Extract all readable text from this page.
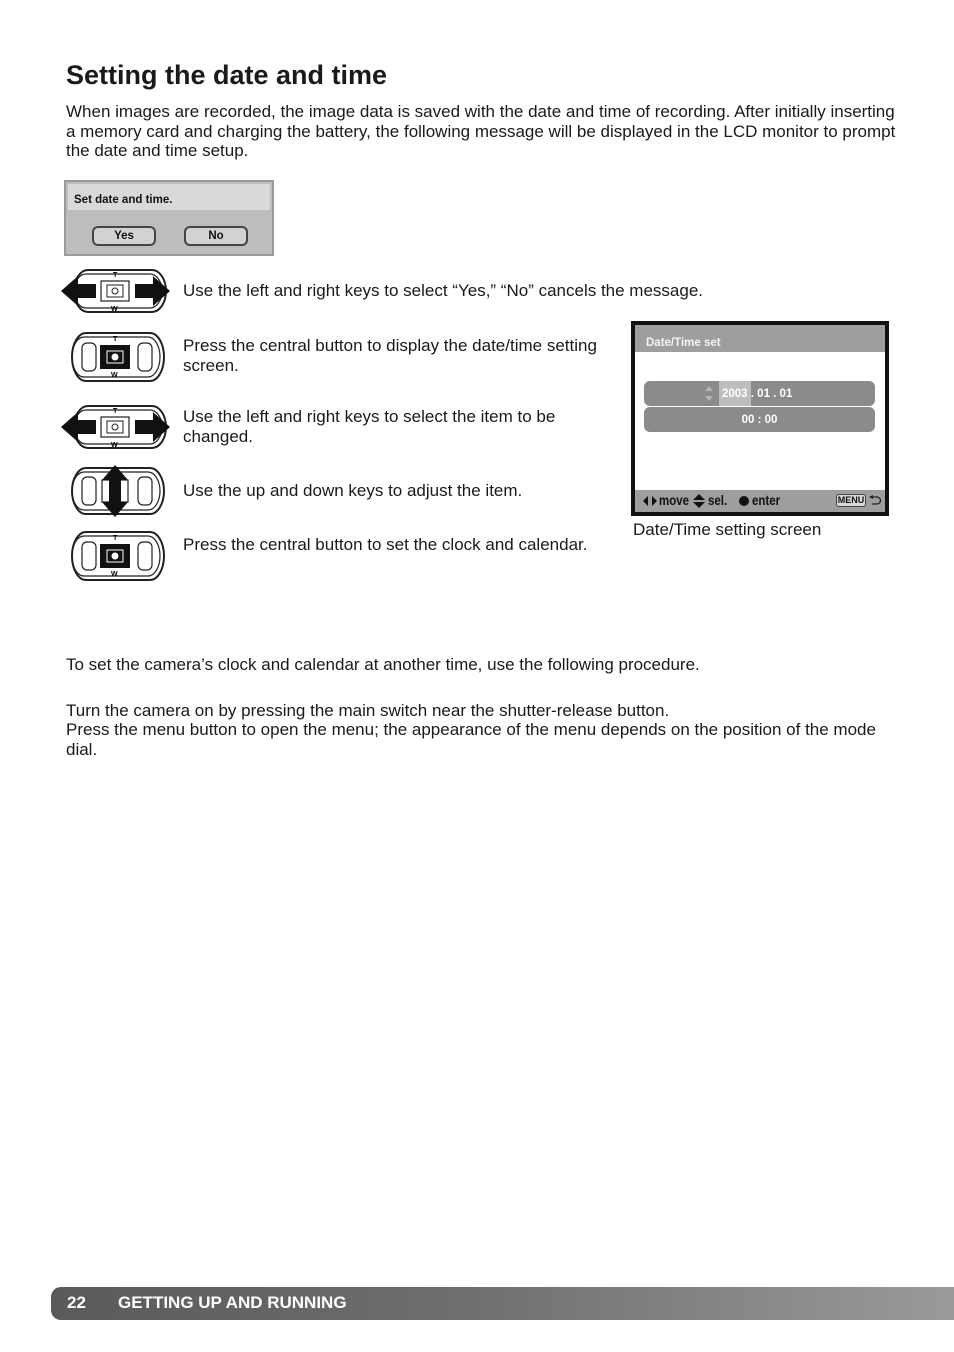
Setting the date and time

When images are recorded, the image data is saved with the date and time of recording. After initially inserting a memory card and charging the battery, the following message will be displayed in the LCD monitor to prompt the date and time setup.

Set date and time.
Yes	No
T
W

Use the left and right keys to select “Yes,” “No” cancels the message.

T
W

Press the central button to display the date/time setting screen.

T
W

Use the left and right keys to select the item to be changed.

Use the up and down keys to adjust the item.

T
W

Press the central button to set the clock and calendar.

Date/Time set
2003 . 01 . 01
00 : 00
move sel. enter	MENU

Date/Time setting screen

To set the camera’s clock and calendar at another time, use the following procedure.

Turn the camera on by pressing the main switch near the shutter-release button.

Press the menu button to open the menu; the appearance of the menu depends on the position of the mode dial.

22 GETTING UP AND RUNNING
